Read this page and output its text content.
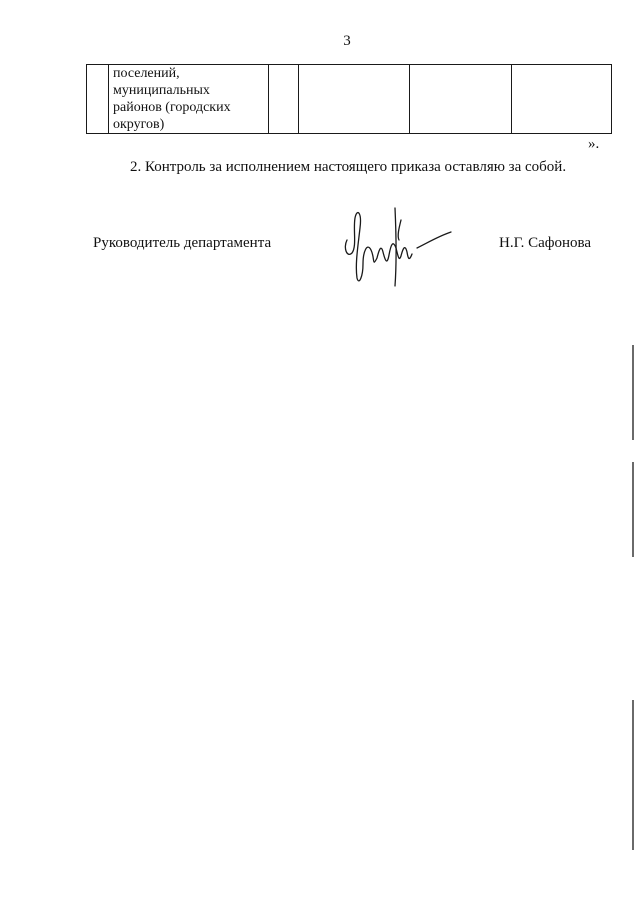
3

поселений,
муниципальных
районов (городских
округов)

».
2. Контроль за исполнением настоящего приказа оставляю за собой.
Руководитель департамента	Н.Г. Сафонова
